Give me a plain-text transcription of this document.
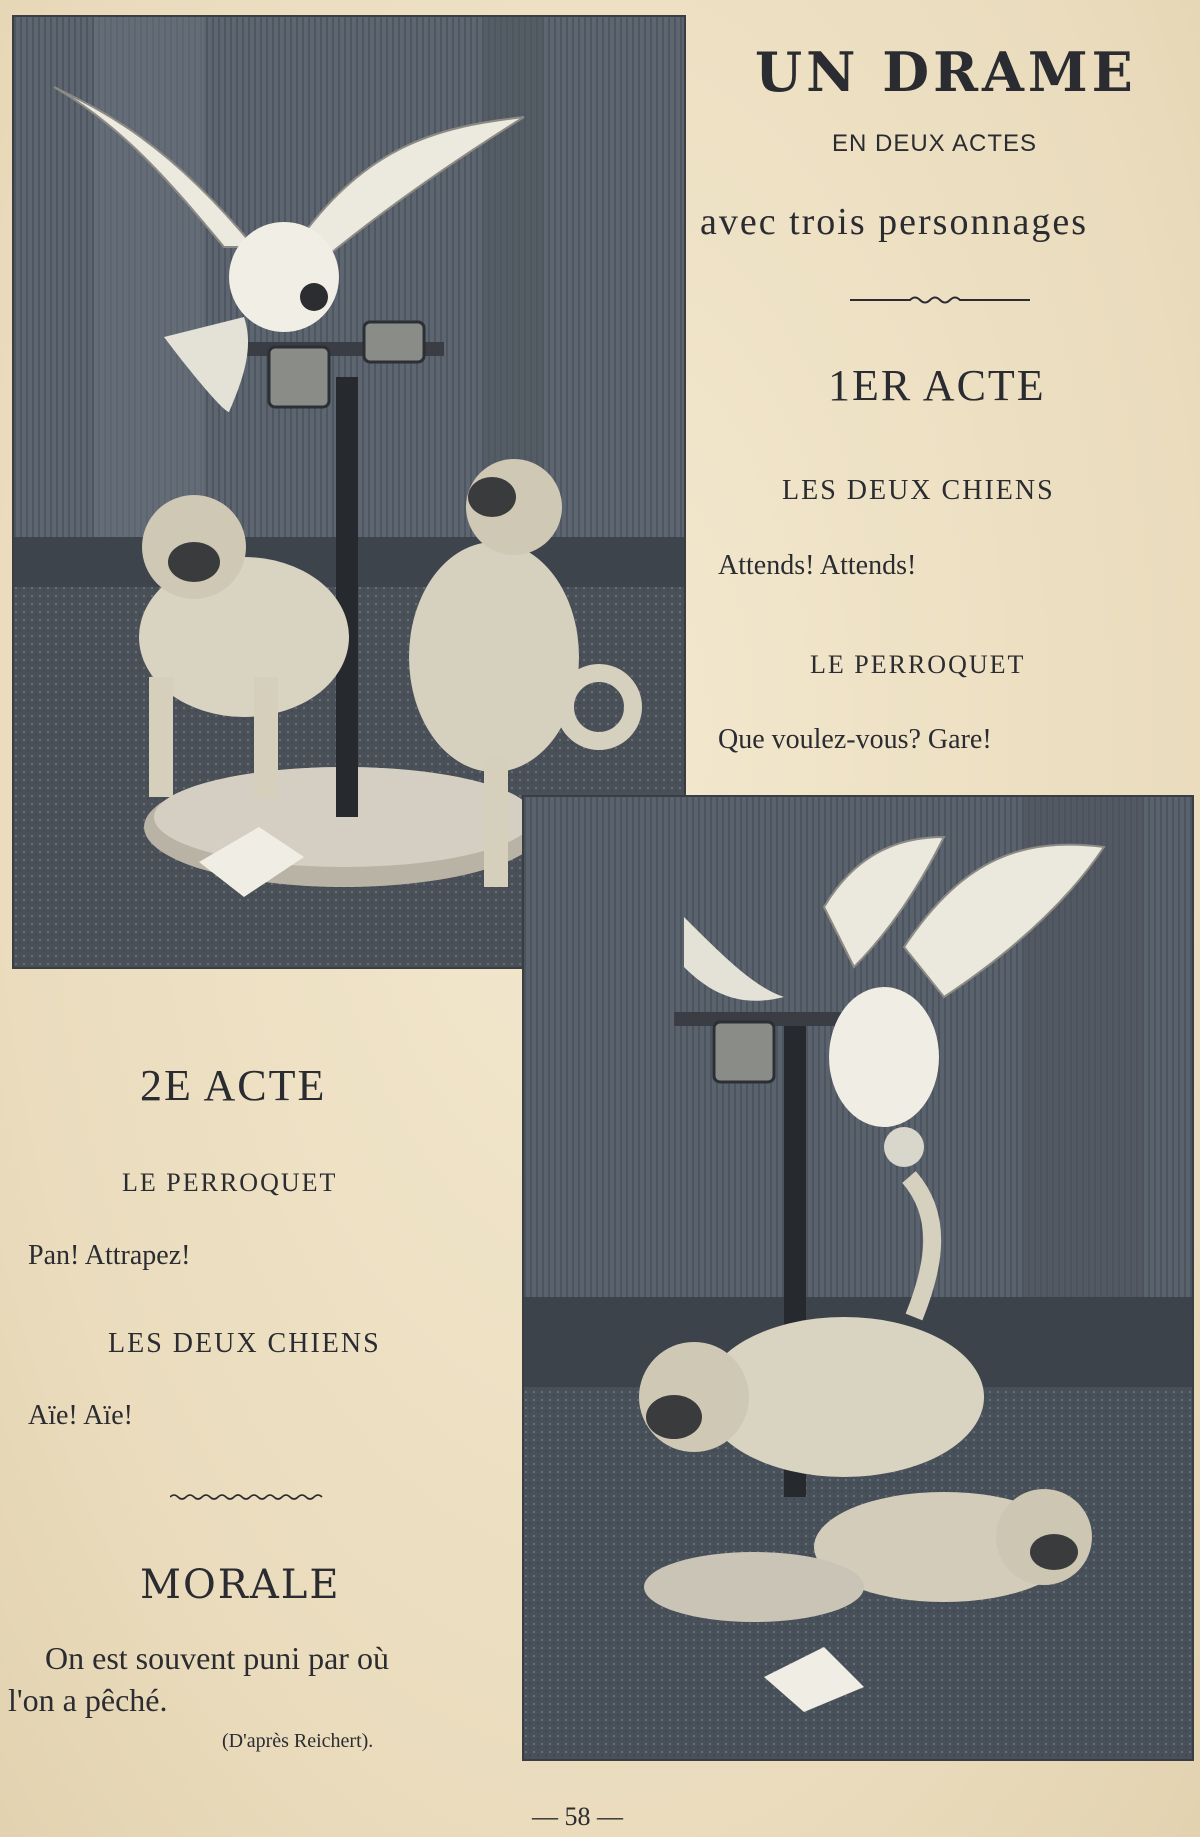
UN DRAME
EN DEUX ACTES
avec trois personnages
1ER ACTE
LES DEUX CHIENS
Attends! Attends!
LE PERROQUET
Que voulez-vous? Gare!
2E ACTE
LE PERROQUET
Pan! Attrapez!
LES DEUX CHIENS
Aïe! Aïe!
MORALE
On est souvent puni par où
l'on a pêché.
(D'après Reichert).
— 58 —
